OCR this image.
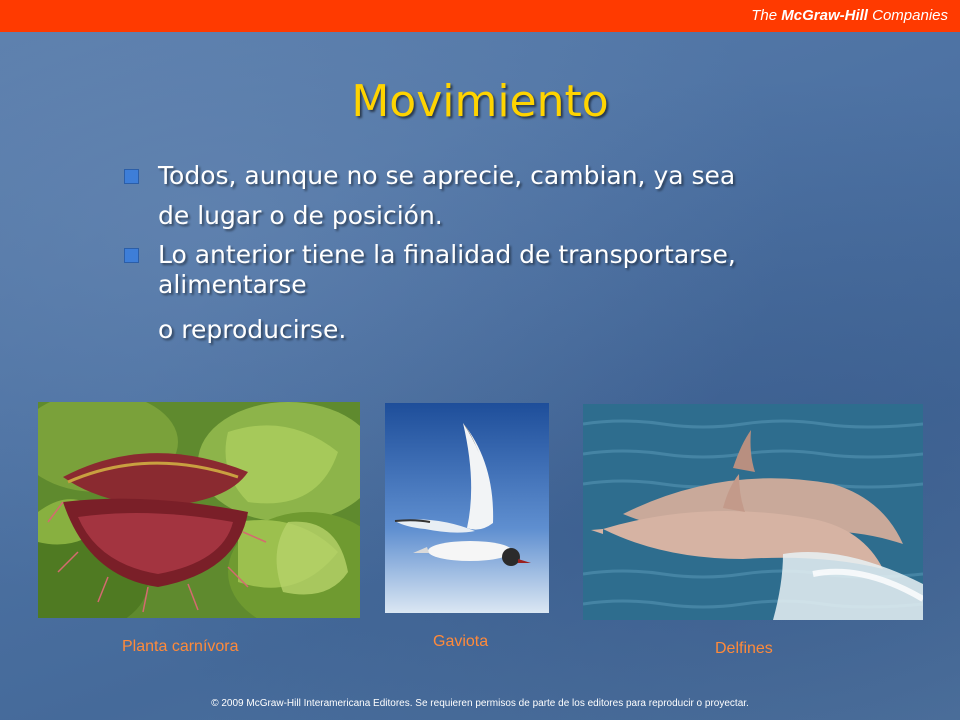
The McGraw-Hill Companies
Movimiento
Todos, aunque no se aprecie, cambian, ya sea
de lugar o de posición.
Lo anterior tiene la finalidad de transportarse, alimentarse
o reproducirse.
Planta carnívora	Gaviota	Delfines
© 2009 McGraw-Hill Interamericana Editores. Se requieren permisos de parte de los editores para reproducir o proyectar.
